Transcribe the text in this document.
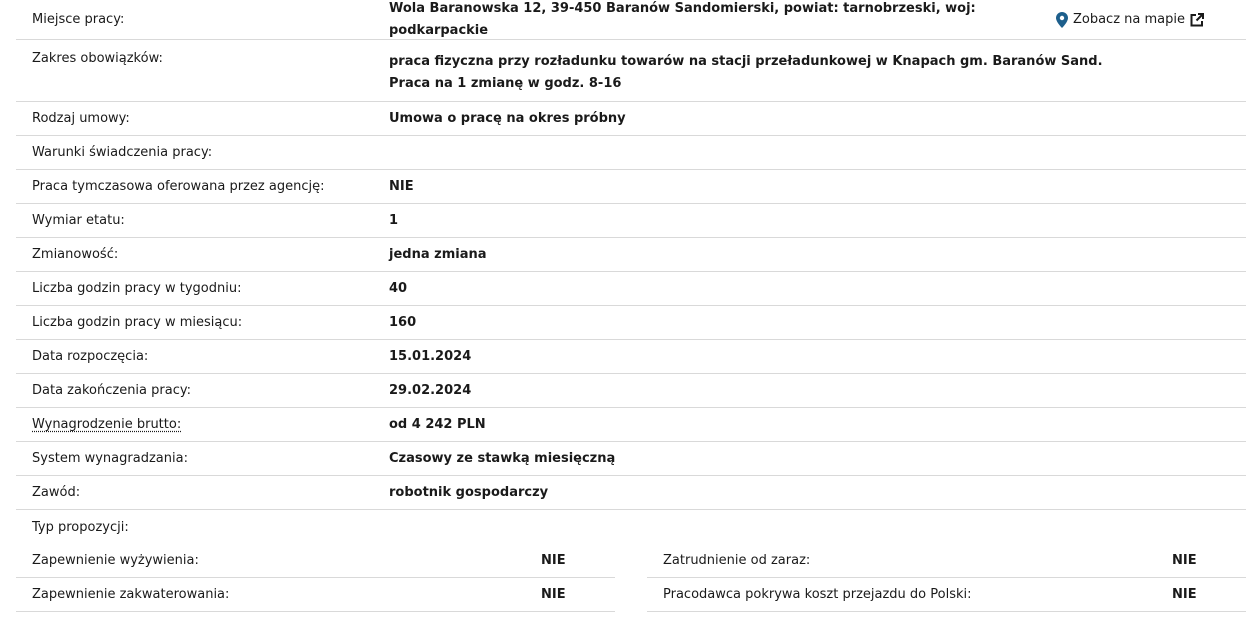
Miejsce pracy:
Wola Baranowska 12, 39-450 Baranów Sandomierski, powiat: tarnobrzeski, woj: podkarpackie
Zobacz na mapie
Zakres obowiązków:	praca fizyczna przy rozładunku towarów na stacji przeładunkowej w Knapach gm. Baranów Sand.
Praca na 1 zmianę w godz. 8-16
Rodzaj umowy:	Umowa o pracę na okres próbny
Warunki świadczenia pracy:
Praca tymczasowa oferowana przez agencję:	NIE
Wymiar etatu:	1
Zmianowość:	jedna zmiana
Liczba godzin pracy w tygodniu:	40
Liczba godzin pracy w miesiącu:	160
Data rozpoczęcia:	15.01.2024
Data zakończenia pracy:	29.02.2024
Wynagrodzenie brutto:	od 4 242 PLN
System wynagradzania:	Czasowy ze stawką miesięczną
Zawód:	robotnik gospodarczy
Typ propozycji:
Zapewnienie wyżywienia:	NIE
Zapewnienie zakwaterowania:	NIE
Zatrudnienie od zaraz:	NIE
Pracodawca pokrywa koszt przejazdu do Polski:	NIE
